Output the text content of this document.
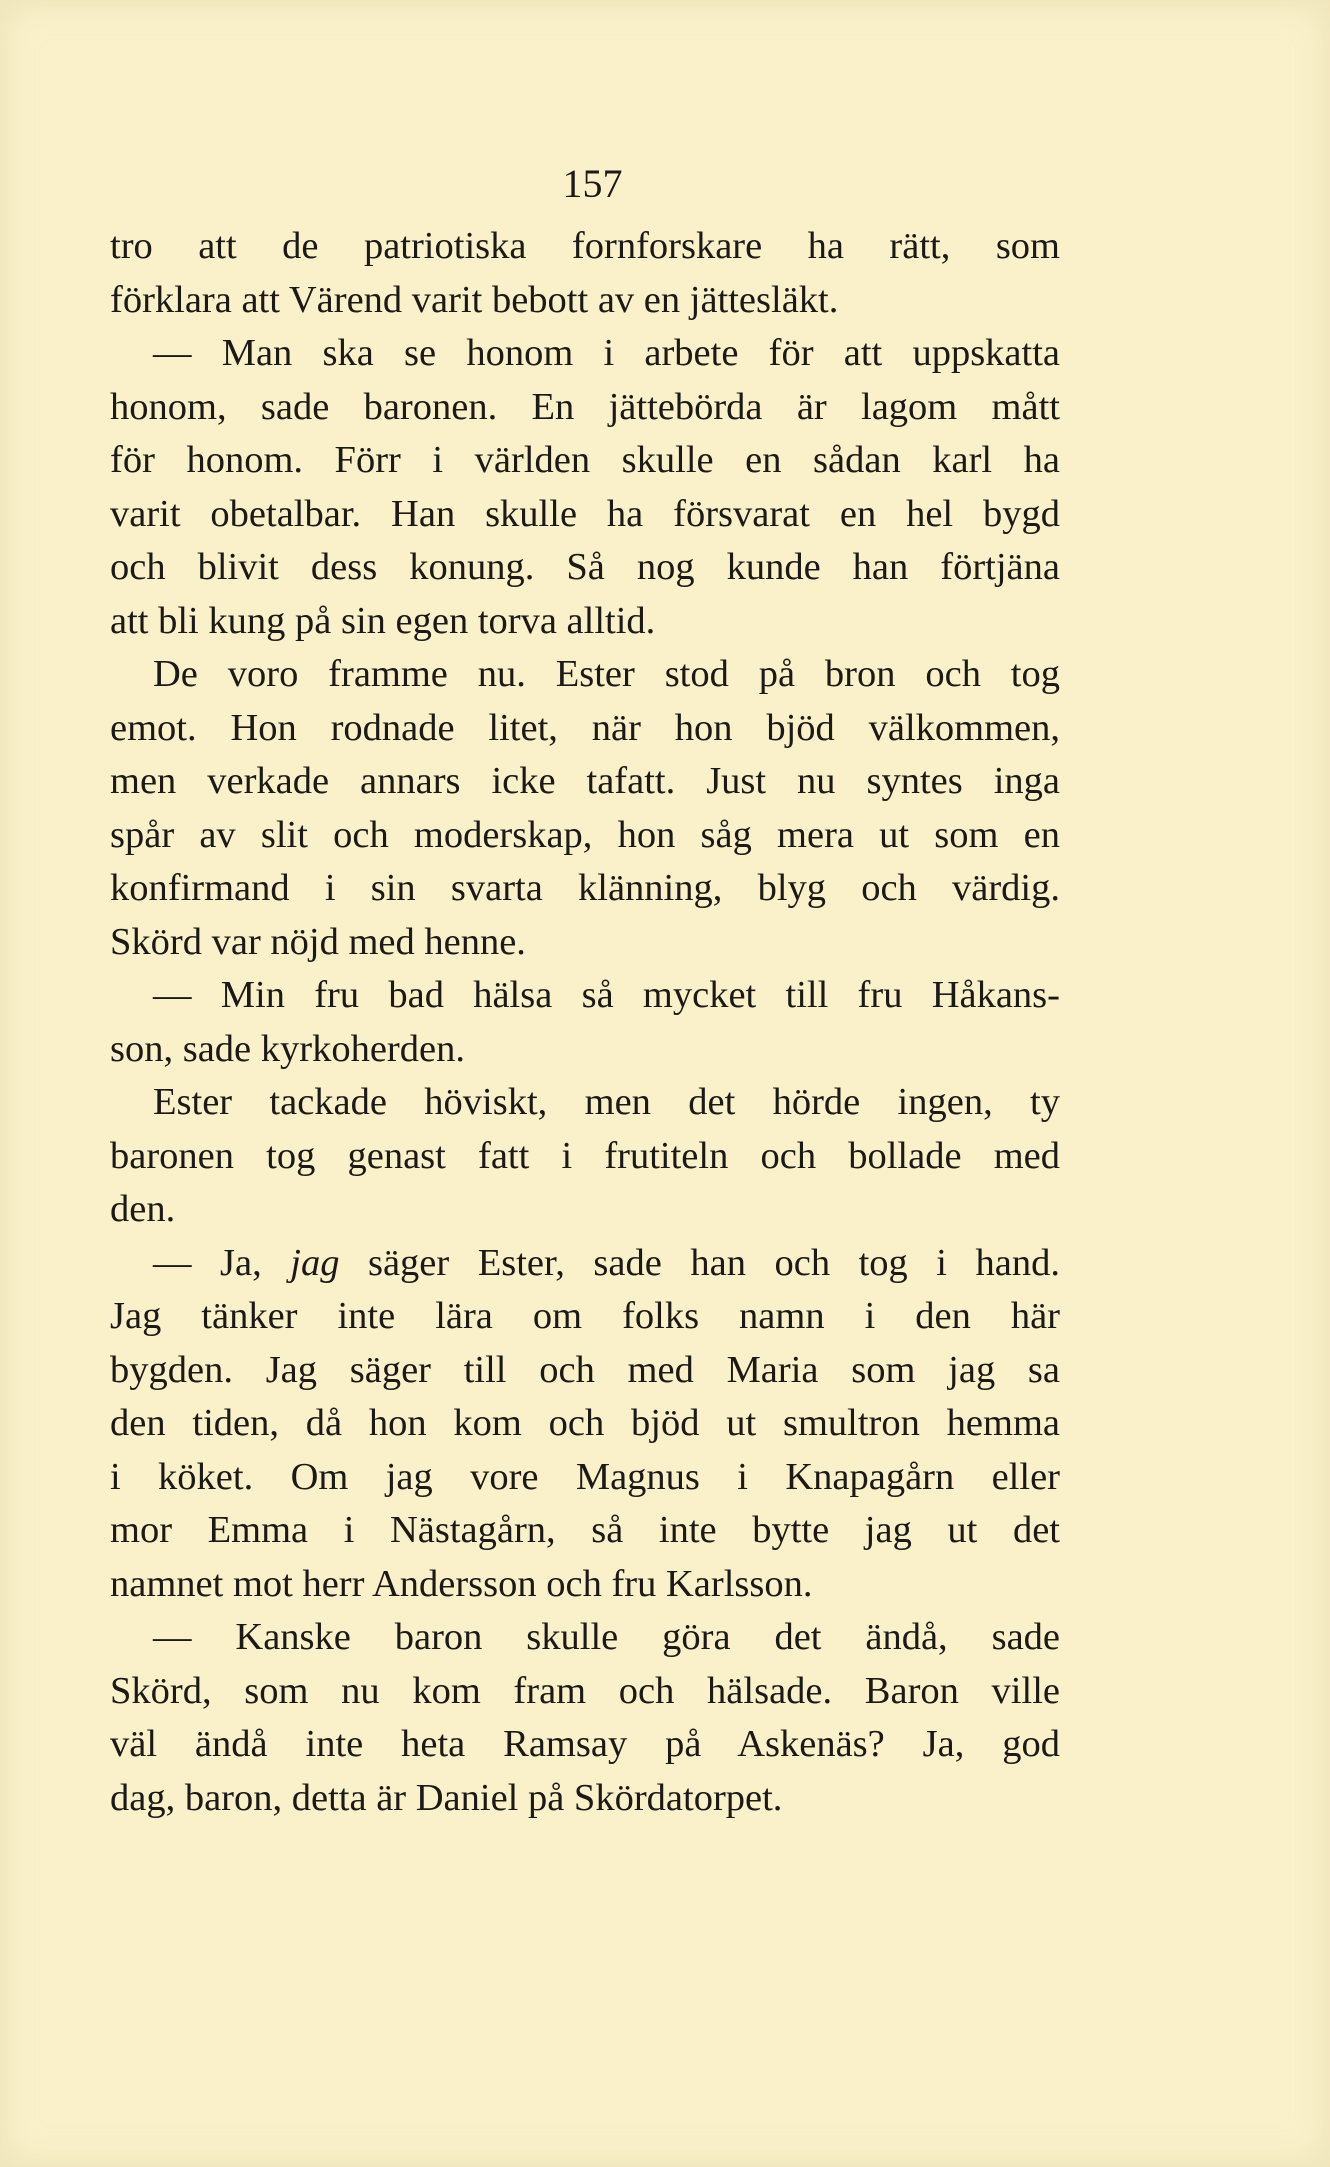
157
tro att de patriotiska fornforskare ha rätt, som
förklara att Värend varit bebott av en jättesläkt.
— Man ska se honom i arbete för att uppskatta
honom, sade baronen. En jättebörda är lagom mått
för honom. Förr i världen skulle en sådan karl ha
varit obetalbar. Han skulle ha försvarat en hel bygd
och blivit dess konung. Så nog kunde han förtjäna
att bli kung på sin egen torva alltid.
De voro framme nu. Ester stod på bron och tog
emot. Hon rodnade litet, när hon bjöd välkommen,
men verkade annars icke tafatt. Just nu syntes inga
spår av slit och moderskap, hon såg mera ut som en
konfirmand i sin svarta klänning, blyg och värdig.
Skörd var nöjd med henne.
— Min fru bad hälsa så mycket till fru Håkans-
son, sade kyrkoherden.
Ester tackade höviskt, men det hörde ingen, ty
baronen tog genast fatt i frutiteln och bollade med
den.
— Ja, jag säger Ester, sade han och tog i hand.
Jag tänker inte lära om folks namn i den här
bygden. Jag säger till och med Maria som jag sa
den tiden, då hon kom och bjöd ut smultron hemma
i köket. Om jag vore Magnus i Knapagårn eller
mor Emma i Nästagårn, så inte bytte jag ut det
namnet mot herr Andersson och fru Karlsson.
— Kanske baron skulle göra det ändå, sade
Skörd, som nu kom fram och hälsade. Baron ville
väl ändå inte heta Ramsay på Askenäs? Ja, god
dag, baron, detta är Daniel på Skördatorpet.
